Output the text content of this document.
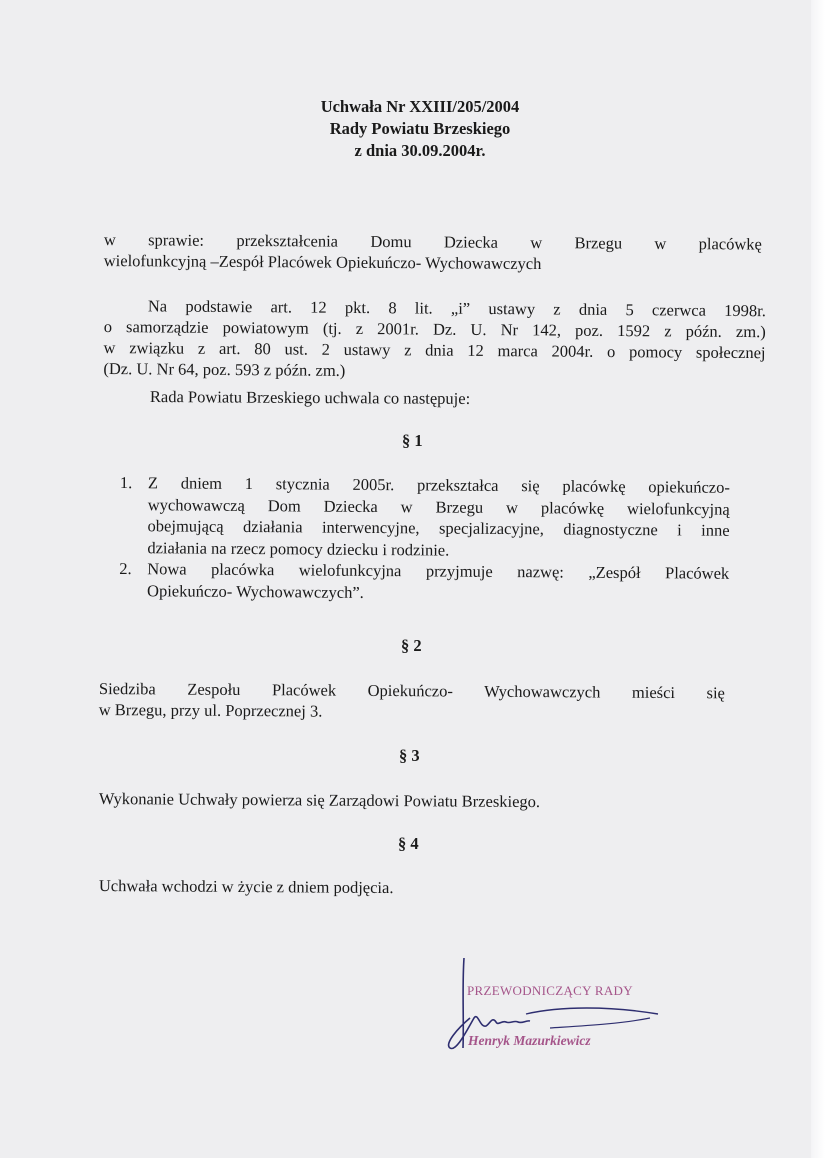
Uchwała Nr XXIII/205/2004
Rady Powiatu Brzeskiego
z dnia 30.09.2004r.
w sprawie: przekształcenia Domu Dziecka w Brzegu w placówkę
wielofunkcyjną –Zespół Placówek Opiekuńczo- Wychowawczych
Na podstawie art. 12 pkt. 8 lit. „i” ustawy z dnia 5 czerwca 1998r.
o samorządzie powiatowym (tj. z 2001r. Dz. U. Nr 142, poz. 1592 z późn. zm.)
w związku z art. 80 ust. 2 ustawy z dnia 12 marca 2004r. o pomocy społecznej
(Dz. U. Nr 64, poz. 593 z późn. zm.)
Rada Powiatu Brzeskiego uchwala co następuje:
§ 1
1. Z dniem 1 stycznia 2005r. przekształca się placówkę opiekuńczo-
wychowawczą Dom Dziecka w Brzegu w placówkę wielofunkcyjną
obejmującą działania interwencyjne, specjalizacyjne, diagnostyczne i inne
działania na rzecz pomocy dziecku i rodzinie.
2. Nowa placówka wielofunkcyjna przyjmuje nazwę: „Zespół Placówek
Opiekuńczo- Wychowawczych”.
§ 2
Siedziba Zespołu Placówek Opiekuńczo- Wychowawczych mieści się
w Brzegu, przy ul. Poprzecznej 3.
§ 3
Wykonanie Uchwały powierza się Zarządowi Powiatu Brzeskiego.
§ 4
Uchwała wchodzi w życie z dniem podjęcia.
PRZEWODNICZĄCY RADY
Henryk Mazurkiewicz
